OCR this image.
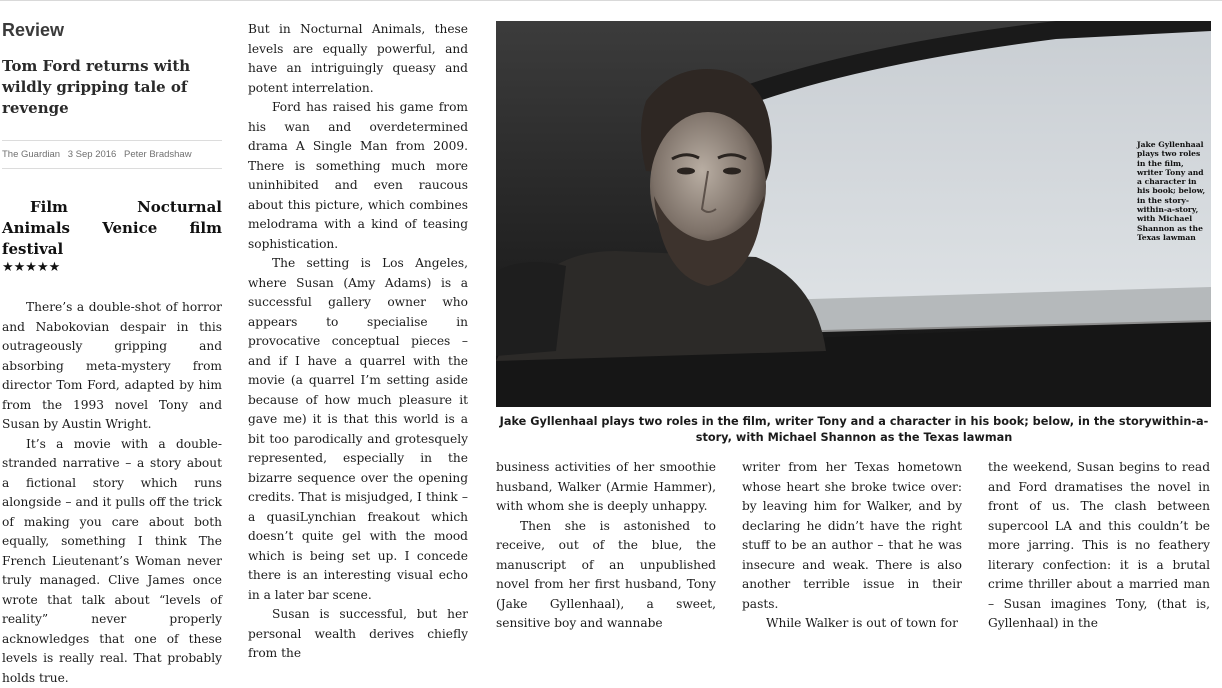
Review
Tom Ford returns with wildly gripping tale of revenge
The Guardian 3 Sep 2016 Peter Bradshaw
Film Nocturnal Animals Venice film festival
★★★★★

There’s a double-shot of horror and Nabokovian despair in this outrageously gripping and absorbing meta-mystery from director Tom Ford, adapted by him from the 1993 novel Tony and Susan by Austin Wright.

It’s a movie with a double-stranded narrative – a story about a fictional story which runs alongside – and it pulls off the trick of making you care about both equally, something I think The French Lieutenant’s Woman never truly managed. Clive James once wrote that talk about “levels of reality” never properly acknowledges that one of these levels is really real. That probably holds true.

But in Nocturnal Animals, these levels are equally powerful, and have an intriguingly queasy and potent interrelation.

Ford has raised his game from his wan and overdetermined drama A Single Man from 2009. There is something much more uninhibited and even raucous about this picture, which combines melodrama with a kind of teasing sophistication.

The setting is Los Angeles, where Susan (Amy Adams) is a successful gallery owner who appears to specialise in provocative conceptual pieces – and if I have a quarrel with the movie (a quarrel I’m setting aside because of how much pleasure it gave me) it is that this world is a bit too parodically and grotesquely represented, especially in the bizarre sequence over the opening credits. That is misjudged, I think – a quasiLynchian freakout which doesn’t quite gel with the mood which is being set up. I concede there is an interesting visual echo in a later bar scene.

Susan is successful, but her personal wealth derives chiefly from the

Jake Gyllenhaal plays two roles in the film, writer Tony and a character in his book; below, in the story-within-a-story, with Michael Shannon as the Texas lawman
Jake Gyllenhaal plays two roles in the film, writer Tony and a character in his book; below, in the storywithin-a-story, with Michael Shannon as the Texas lawman

business activities of her smoothie husband, Walker (Armie Hammer), with whom she is deeply unhappy.

Then she is astonished to receive, out of the blue, the manuscript of an unpublished novel from her first husband, Tony (Jake Gyllenhaal), a sweet, sensitive boy and wannabe

writer from her Texas hometown whose heart she broke twice over: by leaving him for Walker, and by declaring he didn’t have the right stuff to be an author – that he was insecure and weak. There is also another terrible issue in their pasts.

While Walker is out of town for

the weekend, Susan begins to read and Ford dramatises the novel in front of us. The clash between supercool LA and this couldn’t be more jarring. This is no feathery literary confection: it is a brutal crime thriller about a married man – Susan imagines Tony, (that is, Gyllenhaal) in the
